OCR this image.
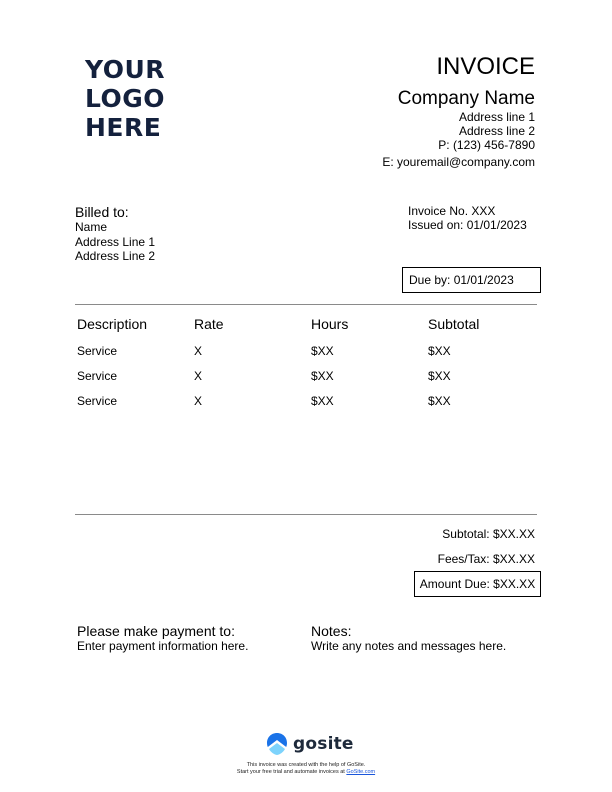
YOUR
LOGO
HERE
INVOICE
Company Name
Address line 1
Address line 2
P: (123) 456-7890
E: youremail@company.com
Billed to:
Name
Address Line 1
Address Line 2
Invoice No. XXX
Issued on: 01/01/2023
Due by: 01/01/2023
Description	Rate	Hours	Subtotal
Service	X	$XX	$XX
Service	X	$XX	$XX
Service	X	$XX	$XX
Subtotal: $XX.XX
Fees/Tax: $XX.XX
Amount Due: $XX.XX
Please make payment to:
Enter payment information here.
Notes:
Write any notes and messages here.
gosite
This invoice was created with the help of GoSite.
Start your free trial and automate invoices at GoSite.com
